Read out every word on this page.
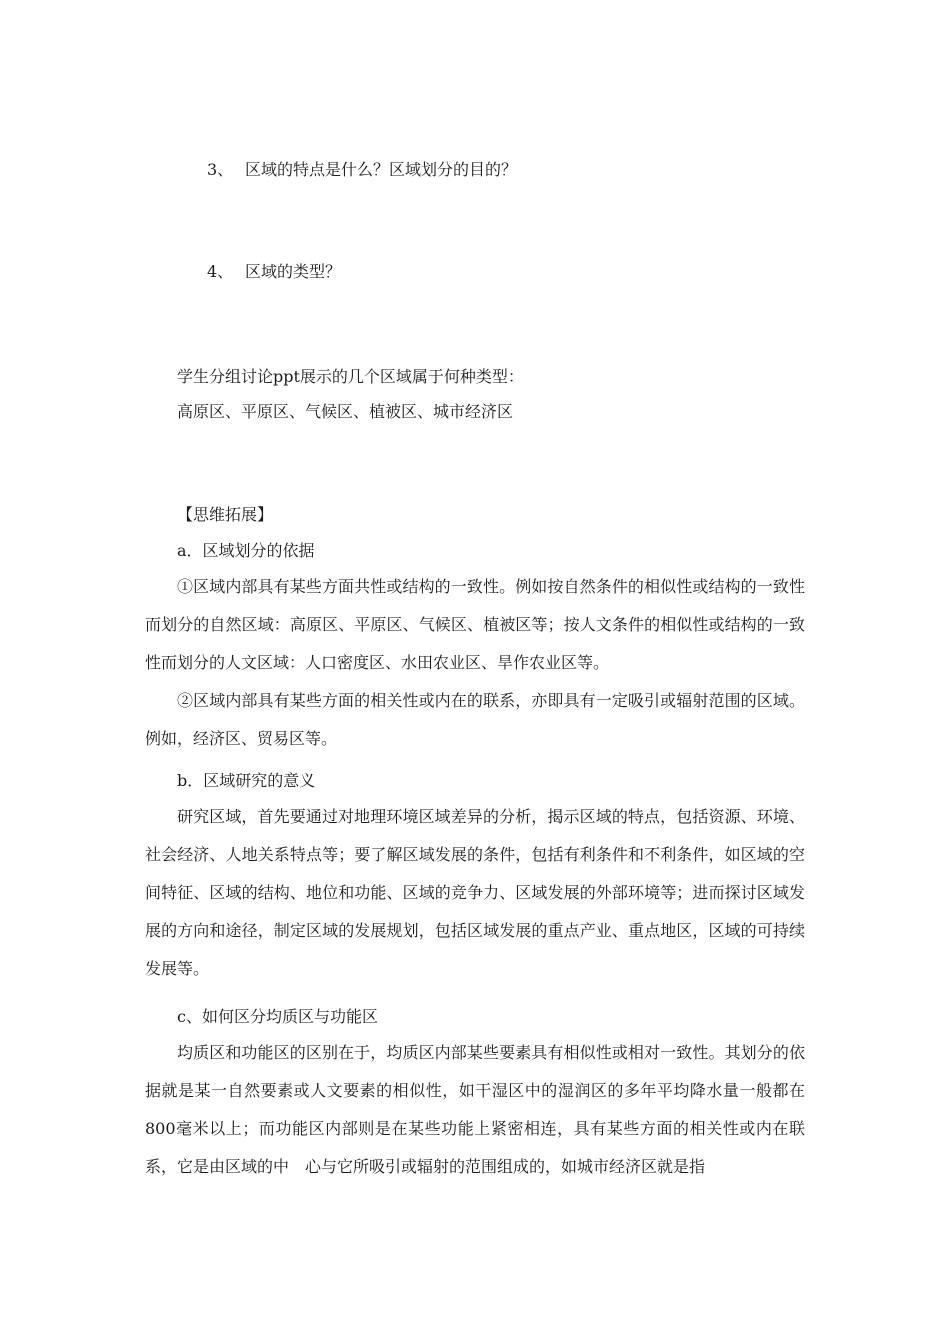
3、 区域的特点是什么？区域划分的目的？
4、 区域的类型？
学生分组讨论ppt展示的几个区域属于何种类型：
高原区、平原区、气候区、植被区、城市经济区
【思维拓展】
a．区域划分的依据
①区域内部具有某些方面共性或结构的一致性。例如按自然条件的相似性或结构的一致性而划分的自然区域：高原区、平原区、气候区、植被区等；按人文条件的相似性或结构的一致性而划分的人文区域：人口密度区、水田农业区、旱作农业区等。
②区域内部具有某些方面的相关性或内在的联系，亦即具有一定吸引或辐射范围的区域。例如，经济区、贸易区等。
b．区域研究的意义
研究区域，首先要通过对地理环境区域差异的分析，揭示区域的特点，包括资源、环境、社会经济、人地关系特点等；要了解区域发展的条件，包括有利条件和不利条件，如区域的空间特征、区域的结构、地位和功能、区域的竞争力、区域发展的外部环境等；进而探讨区域发展的方向和途径，制定区域的发展规划，包括区域发展的重点产业、重点地区，区域的可持续发展等。
c、如何区分均质区与功能区
均质区和功能区的区别在于，均质区内部某些要素具有相似性或相对一致性。其划分的依据就是某一自然要素或人文要素的相似性，如干湿区中的湿润区的多年平均降水量一般都在800毫米以上；而功能区内部则是在某些功能上紧密相连，具有某些方面的相关性或内在联系，它是由区域的中　心与它所吸引或辐射的范围组成的，如城市经济区就是指
